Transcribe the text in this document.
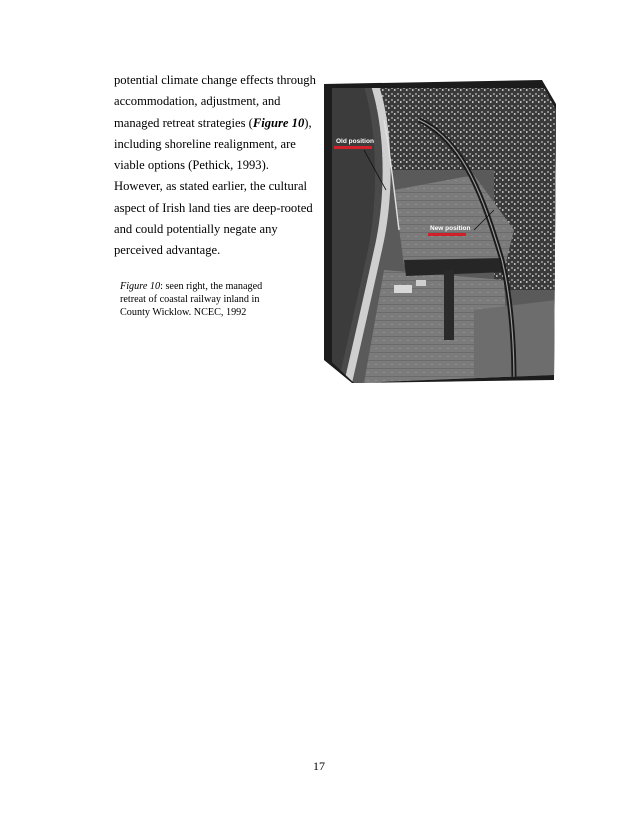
potential climate change effects through
accommodation, adjustment, and
managed retreat strategies (Figure 10),
including shoreline realignment, are
viable options (Pethick, 1993).
However, as stated earlier, the cultural
aspect of Irish land ties are deep-rooted
and could potentially negate any
perceived advantage.
Figure 10: seen right, the managed
retreat of coastal railway inland in
County Wicklow. NCEC, 1992
Old position
New position
17
